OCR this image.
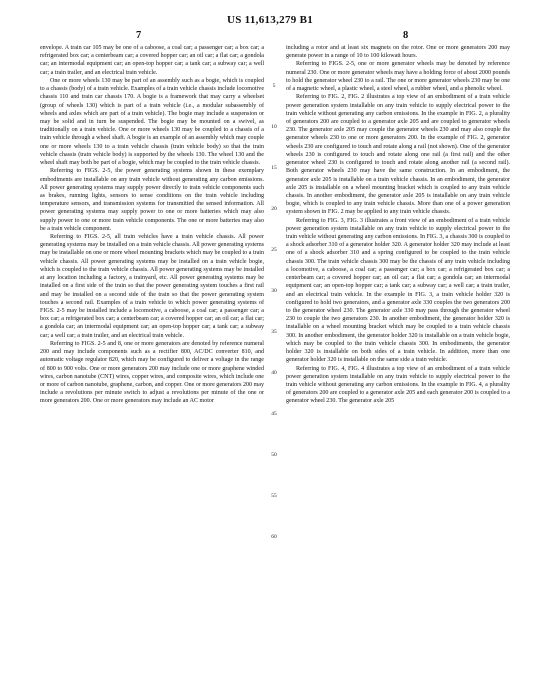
US 11,613,279 B1
7	8

envelope. A train car 105 may be one of a caboose, a coal car; a passenger car; a box car; a refrigerated box car; a centerbeam car; a covered hopper car; an oil car; a flat car; a gondola car; an intermodal equipment car; an open-top hopper car; a tank car; a subway car; a well car; a train trailer, and an electrical train vehicle.

One or more wheels 130 may be part of an assembly such as a bogie, which is coupled to a chassis (body) of a train vehicle. Examples of a train vehicle chassis include locomotive chassis 110 and train car chassis 170. A bogie is a framework that may carry a wheelset (group of wheels 130) which is part of a train vehicle (i.e., a modular subassembly of wheels and axles which are part of a train vehicle). The bogie may include a suspension or may be solid and in turn be suspended. The bogie may be mounted on a swivel, as traditionally on a train vehicle. One or more wheels 130 may be coupled to a chassis of a train vehicle through a wheel shaft. A bogie is an example of an assembly which may couple one or more wheels 130 to a train vehicle chassis (train vehicle body) so that the train vehicle chassis (train vehicle body) is supported by the wheels 130. The wheel 130 and the wheel shaft may both be part of a bogie, which may be coupled to the train vehicle chassis.

Referring to FIGS. 2-5, the power generating systems shown in these exemplary embodiments are installable on any train vehicle without generating any carbon emissions. All power generating systems may supply power directly to train vehicle components such as brakes, running lights, sensors to sense conditions on the train vehicle including temperature sensors, and transmission systems for transmitted the sensed information. All power generating systems may supply power to one or more batteries which may also supply power to one or more train vehicle components. The one or more batteries may also be a train vehicle component.

Referring to FIGS. 2-5, all train vehicles have a train vehicle chassis. All power generating systems may be installed on a train vehicle chassis. All power generating systems may be installable on one or more wheel mounting brackets which may be coupled to a train vehicle chassis. All power generating systems may be installed on a train vehicle bogie, which is coupled to the train vehicle chassis. All power generating systems may be installed at any location including a factory, a trainyard, etc. All power generating systems may be installed on a first side of the train so that the power generating system touches a first rail and may be installed on a second side of the train so that the power generating system touches a second rail. Examples of a train vehicle to which power generating systems of FIGS. 2-5 may be installed include a locomotive, a caboose, a coal car; a passenger car; a box car; a refrigerated box car; a centerbeam car; a covered hopper car; an oil car; a flat car; a gondola car; an intermodal equipment car; an open-top hopper car; a tank car; a subway car; a well car; a train trailer, and an electrical train vehicle.

Referring to FIGS. 2-5 and 8, one or more generators are denoted by reference numeral 200 and may include components such as a rectifier 800, AC/DC converter 810, and automatic voltage regulator 820, which may be configured to deliver a voltage in the range of 800 to 900 volts. One or more generators 200 may include one or more graphene winded wires, carbon nanotube (CNT) wires, copper wires, and composite wires, which include one or more of carbon nanotube, graphene, carbon, and copper. One or more generators 200 may include a revolutions per minute switch to adjust a revolutions per minute of the one or more generators 200. One or more generators may include an AC motor

5
10
15
20
25
30
35
40
45
50
55
60

including a rotor and at least six magnets on the rotor. One or more generators 200 may generate power in a range of 10 to 100 kilowatt hours.

Referring to FIGS. 2-5, one or more generator wheels may be denoted by reference numeral 230. One or more generator wheels may have a holding force of about 2000 pounds to hold the generator wheel 230 to a rail. The one or more generator wheels 230 may be one of a magnetic wheel, a plastic wheel, a steel wheel, a rubber wheel, and a phenolic wheel.

Referring to FIG. 2, FIG. 2 illustrates a top view of an embodiment of a train vehicle power generation system installable on any train vehicle to supply electrical power to the train vehicle without generating any carbon emissions. In the example in FIG. 2, a plurality of generators 200 are coupled to a generator axle 205 and are coupled to generator wheels 230. The generator axle 205 may couple the generator wheels 230 and may also couple the generator wheels 230 to one or more generators 200. In the example of FIG. 2, generator wheels 230 are configured to touch and rotate along a rail (not shown). One of the generator wheels 230 is configured to touch and rotate along one rail (a first rail) and the other generator wheel 230 is configured to touch and rotate along another rail (a second rail). Both generator wheels 230 may have the same construction. In an embodiment, the generator axle 205 is installable on a train vehicle chassis. In an embodiment, the generator axle 205 is installable on a wheel mounting bracket which is coupled to any train vehicle chassis. In another embodiment, the generator axle 205 is installable on any train vehicle bogie, which is coupled to any train vehicle chassis. More than one of a power generation system shown in FIG. 2 may be applied to any train vehicle chassis.

Referring to FIG. 3, FIG. 3 illustrates a front view of an embodiment of a train vehicle power generation system installable on any train vehicle to supply electrical power to the train vehicle without generating any carbon emissions. In FIG. 3, a chassis 300 is coupled to a shock adsorber 310 of a generator holder 320. A generator holder 320 may include at least one of a shock adsorber 310 and a spring configured to be coupled to the train vehicle chassis 300. The train vehicle chassis 300 may be the chassis of any train vehicle including a locomotive, a caboose, a coal car; a passenger car; a box car; a refrigerated box car; a centerbeam car; a covered hopper car; an oil car; a flat car; a gondola car; an intermodal equipment car; an open-top hopper car; a tank car; a subway car; a well car; a train trailer, and an electrical train vehicle. In the example in FIG. 3, a train vehicle holder 320 is configured to hold two generators, and a generator axle 330 couples the two generators 200 to the generator wheel 230. The generator axle 330 may pass through the generator wheel 230 to couple the two generators 230. In another embodiment, the generator holder 320 is installable on a wheel mounting bracket which may be coupled to a train vehicle chassis 300. In another embodiment, the generator holder 320 is installable on a train vehicle bogie, which may be coupled to the train vehicle chassis 300. In embodiments, the generator holder 320 is installable on both sides of a train vehicle. In addition, more than one generator holder 320 is installable on the same side a train vehicle.

Referring to FIG. 4, FIG. 4 illustrates a top view of an embodiment of a train vehicle power generation system installable on any train vehicle to supply electrical power to the train vehicle without generating any carbon emissions. In the example in FIG. 4, a plurality of generators 200 are coupled to a generator axle 205 and each generator 200 is coupled to a generator wheel 230. The generator axle 205
